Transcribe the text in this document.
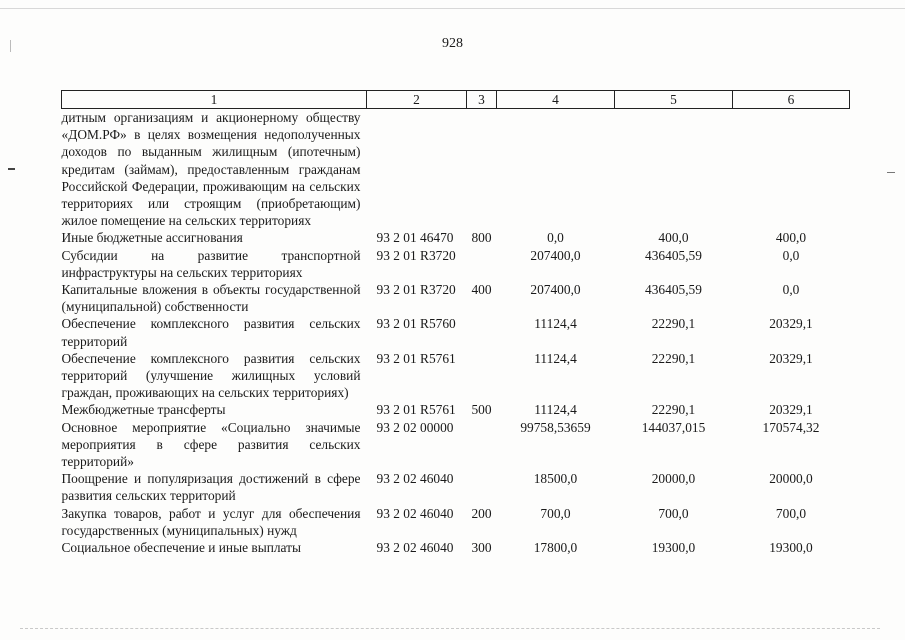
928
1	2	3	4	5	6
дитным организациям и акционерному обществу «ДОМ.РФ» в целях возмещения недополученных доходов по выданным жилищным (ипотечным) кредитам (займам), предоставленным гражданам Российской Федерации, проживающим на сельских территориях или строящим (приобретающим) жилое помещение на сельских территориях					
Иные бюджетные ассигнования	93 2 01 46470	800	0,0	400,0	400,0
Субсидии на развитие транспортной инфраструктуры на сельских территориях	93 2 01 R3720		207400,0	436405,59	0,0
Капитальные вложения в объекты государственной (муниципальной) собственности	93 2 01 R3720	400	207400,0	436405,59	0,0
Обеспечение комплексного развития сельских территорий	93 2 01 R5760		11124,4	22290,1	20329,1
Обеспечение комплексного развития сельских территорий (улучшение жилищных условий граждан, проживающих на сельских территориях)	93 2 01 R5761		11124,4	22290,1	20329,1
Межбюджетные трансферты	93 2 01 R5761	500	11124,4	22290,1	20329,1
Основное мероприятие «Социально значимые мероприятия в сфере развития сельских территорий»	93 2 02 00000		99758,53659	144037,015	170574,32
Поощрение и популяризация достижений в сфере развития сельских территорий	93 2 02 46040		18500,0	20000,0	20000,0
Закупка товаров, работ и услуг для обеспечения государственных (муниципальных) нужд	93 2 02 46040	200	700,0	700,0	700,0
Социальное обеспечение и иные выплаты	93 2 02 46040	300	17800,0	19300,0	19300,0
